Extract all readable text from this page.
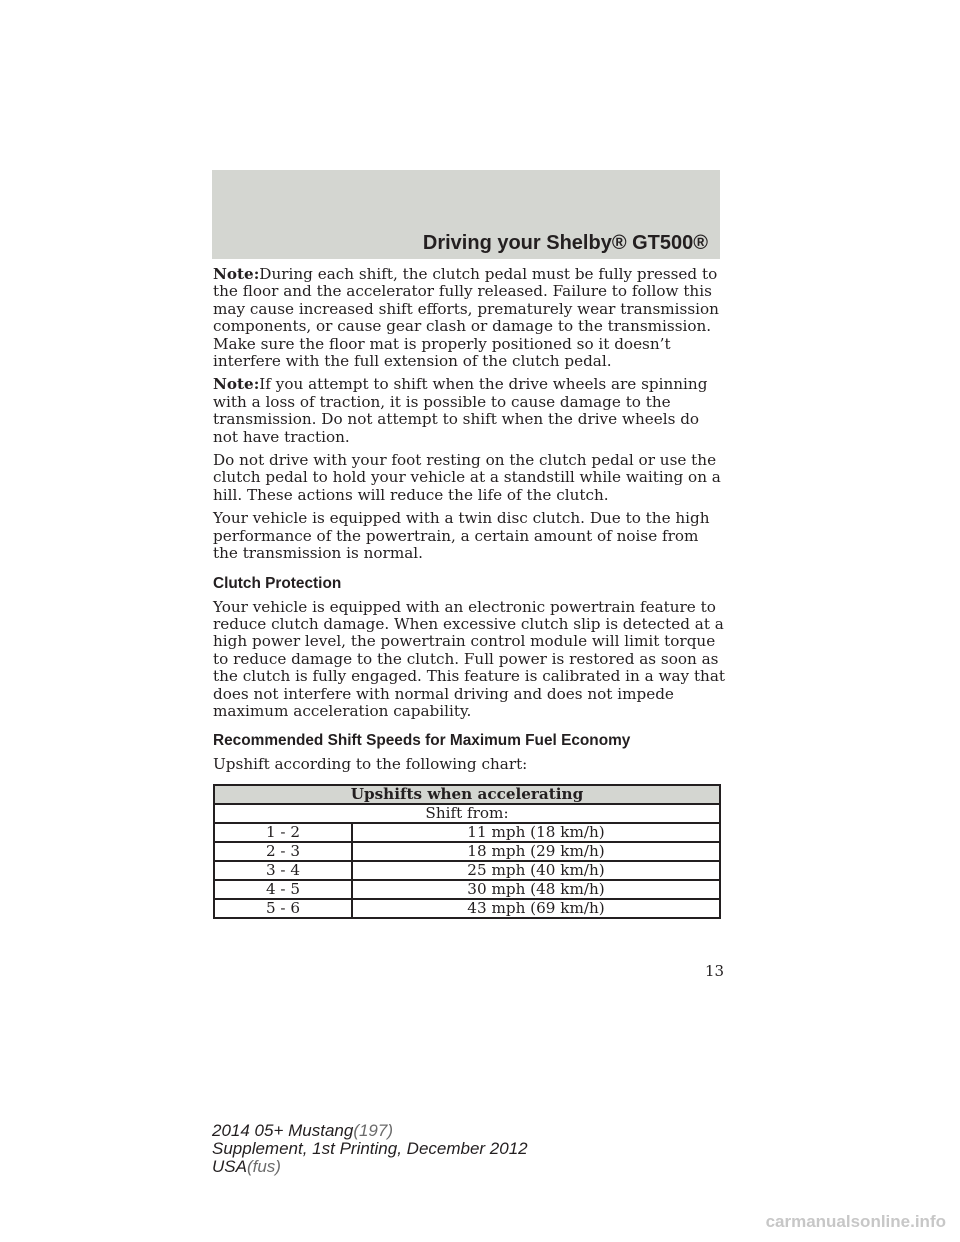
Driving your Shelby® GT500®

Note:During each shift, the clutch pedal must be fully pressed to the floor and the accelerator fully released. Failure to follow this may cause increased shift efforts, prematurely wear transmission components, or cause gear clash or damage to the transmission. Make sure the floor mat is properly positioned so it doesn’t interfere with the full extension of the clutch pedal.

Note:If you attempt to shift when the drive wheels are spinning with a loss of traction, it is possible to cause damage to the transmission. Do not attempt to shift when the drive wheels do not have traction.

Do not drive with your foot resting on the clutch pedal or use the clutch pedal to hold your vehicle at a standstill while waiting on a hill. These actions will reduce the life of the clutch.

Your vehicle is equipped with a twin disc clutch. Due to the high performance of the powertrain, a certain amount of noise from the transmission is normal.

Clutch Protection

Your vehicle is equipped with an electronic powertrain feature to reduce clutch damage. When excessive clutch slip is detected at a high power level, the powertrain control module will limit torque to reduce damage to the clutch. Full power is restored as soon as the clutch is fully engaged. This feature is calibrated in a way that does not interfere with normal driving and does not impede maximum acceleration capability.

Recommended Shift Speeds for Maximum Fuel Economy

Upshift according to the following chart:

Upshifts when accelerating	
Shift from:	
1 - 2	11 mph (18 km/h)
2 - 3	18 mph (29 km/h)
3 - 4	25 mph (40 km/h)
4 - 5	30 mph (48 km/h)
5 - 6	43 mph (69 km/h)
13
2014 05+ Mustang(197)
Supplement, 1st Printing, December 2012
USA(fus)
carmanualsonline.info
